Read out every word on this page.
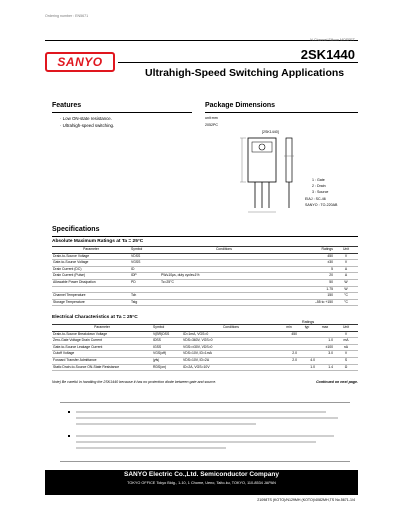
Ordering number : EN5671
SANYO
N-Channel Silicon MOSFET
2SK1440
Ultrahigh-Speed Switching Applications
Features
· Low ON-state resistance.
· Ultrahigh-speed switching.
Package Dimensions
unit:mm
2052PC
[2SK1440]
1 : Gate
2 : Drain
3 : Source
EIAJ : SC-46
SANYO : TO-220AB
Specifications
Absolute Maximum Ratings at Ta = 25°C
Parameter	Symbol	Conditions	Ratings	Unit
Drain-to-Source Voltage	VDSS		450	V
Gate-to-Source Voltage	VGSS		±30	V
Drain Current (DC)	ID		5	A
Drain Current (Pulse)	IDP	PW≤10μs, duty cycle≤1%	20	A
Allowable Power Dissipation	PD	Tc=25°C	50	W
			1.75	W
Channel Temperature	Tch		150	°C
Storage Temperature	Tstg		–55 to +150	°C
Electrical Characteristics at Ta = 25°C
Ratings
Parameter	Symbol	Conditions	min	typ	max	Unit
Drain-to-Source Breakdown Voltage	V(BR)DSS	ID=1mA, VGS=0	450			V
Zero-Gate Voltage Drain Current	IDSS	VDS=360V, VGS=0			1.0	mA
Gate-to-Source Leakage Current	IGSS	VGS=±30V, VDS=0			±100	nA
Cutoff Voltage	VGS(off)	VDS=10V, ID=1mA	2.0		3.0	V
Forward Transfer Admittance	|yfs|	VDS=10V, ID=2A	2.0	4.0		S
Static Drain-to-Source ON-State Resistance	RDS(on)	ID=2A, VGS=10V		1.0	1.4	Ω
Note) Be careful in handling the 2SK1440 because it has no protection diode between gate and source.	Continued on next page.
SANYO Electric Co.,Ltd. Semiconductor Company
TOKYO OFFICE Tokyo Bldg., 1-10, 1 Chome, Ueno, Taito-ku, TOKYO, 110-8534 JAPAN
21098TS (KOTO)/N129MH (KOTO)/4082MH,TS No.5671-1/4
